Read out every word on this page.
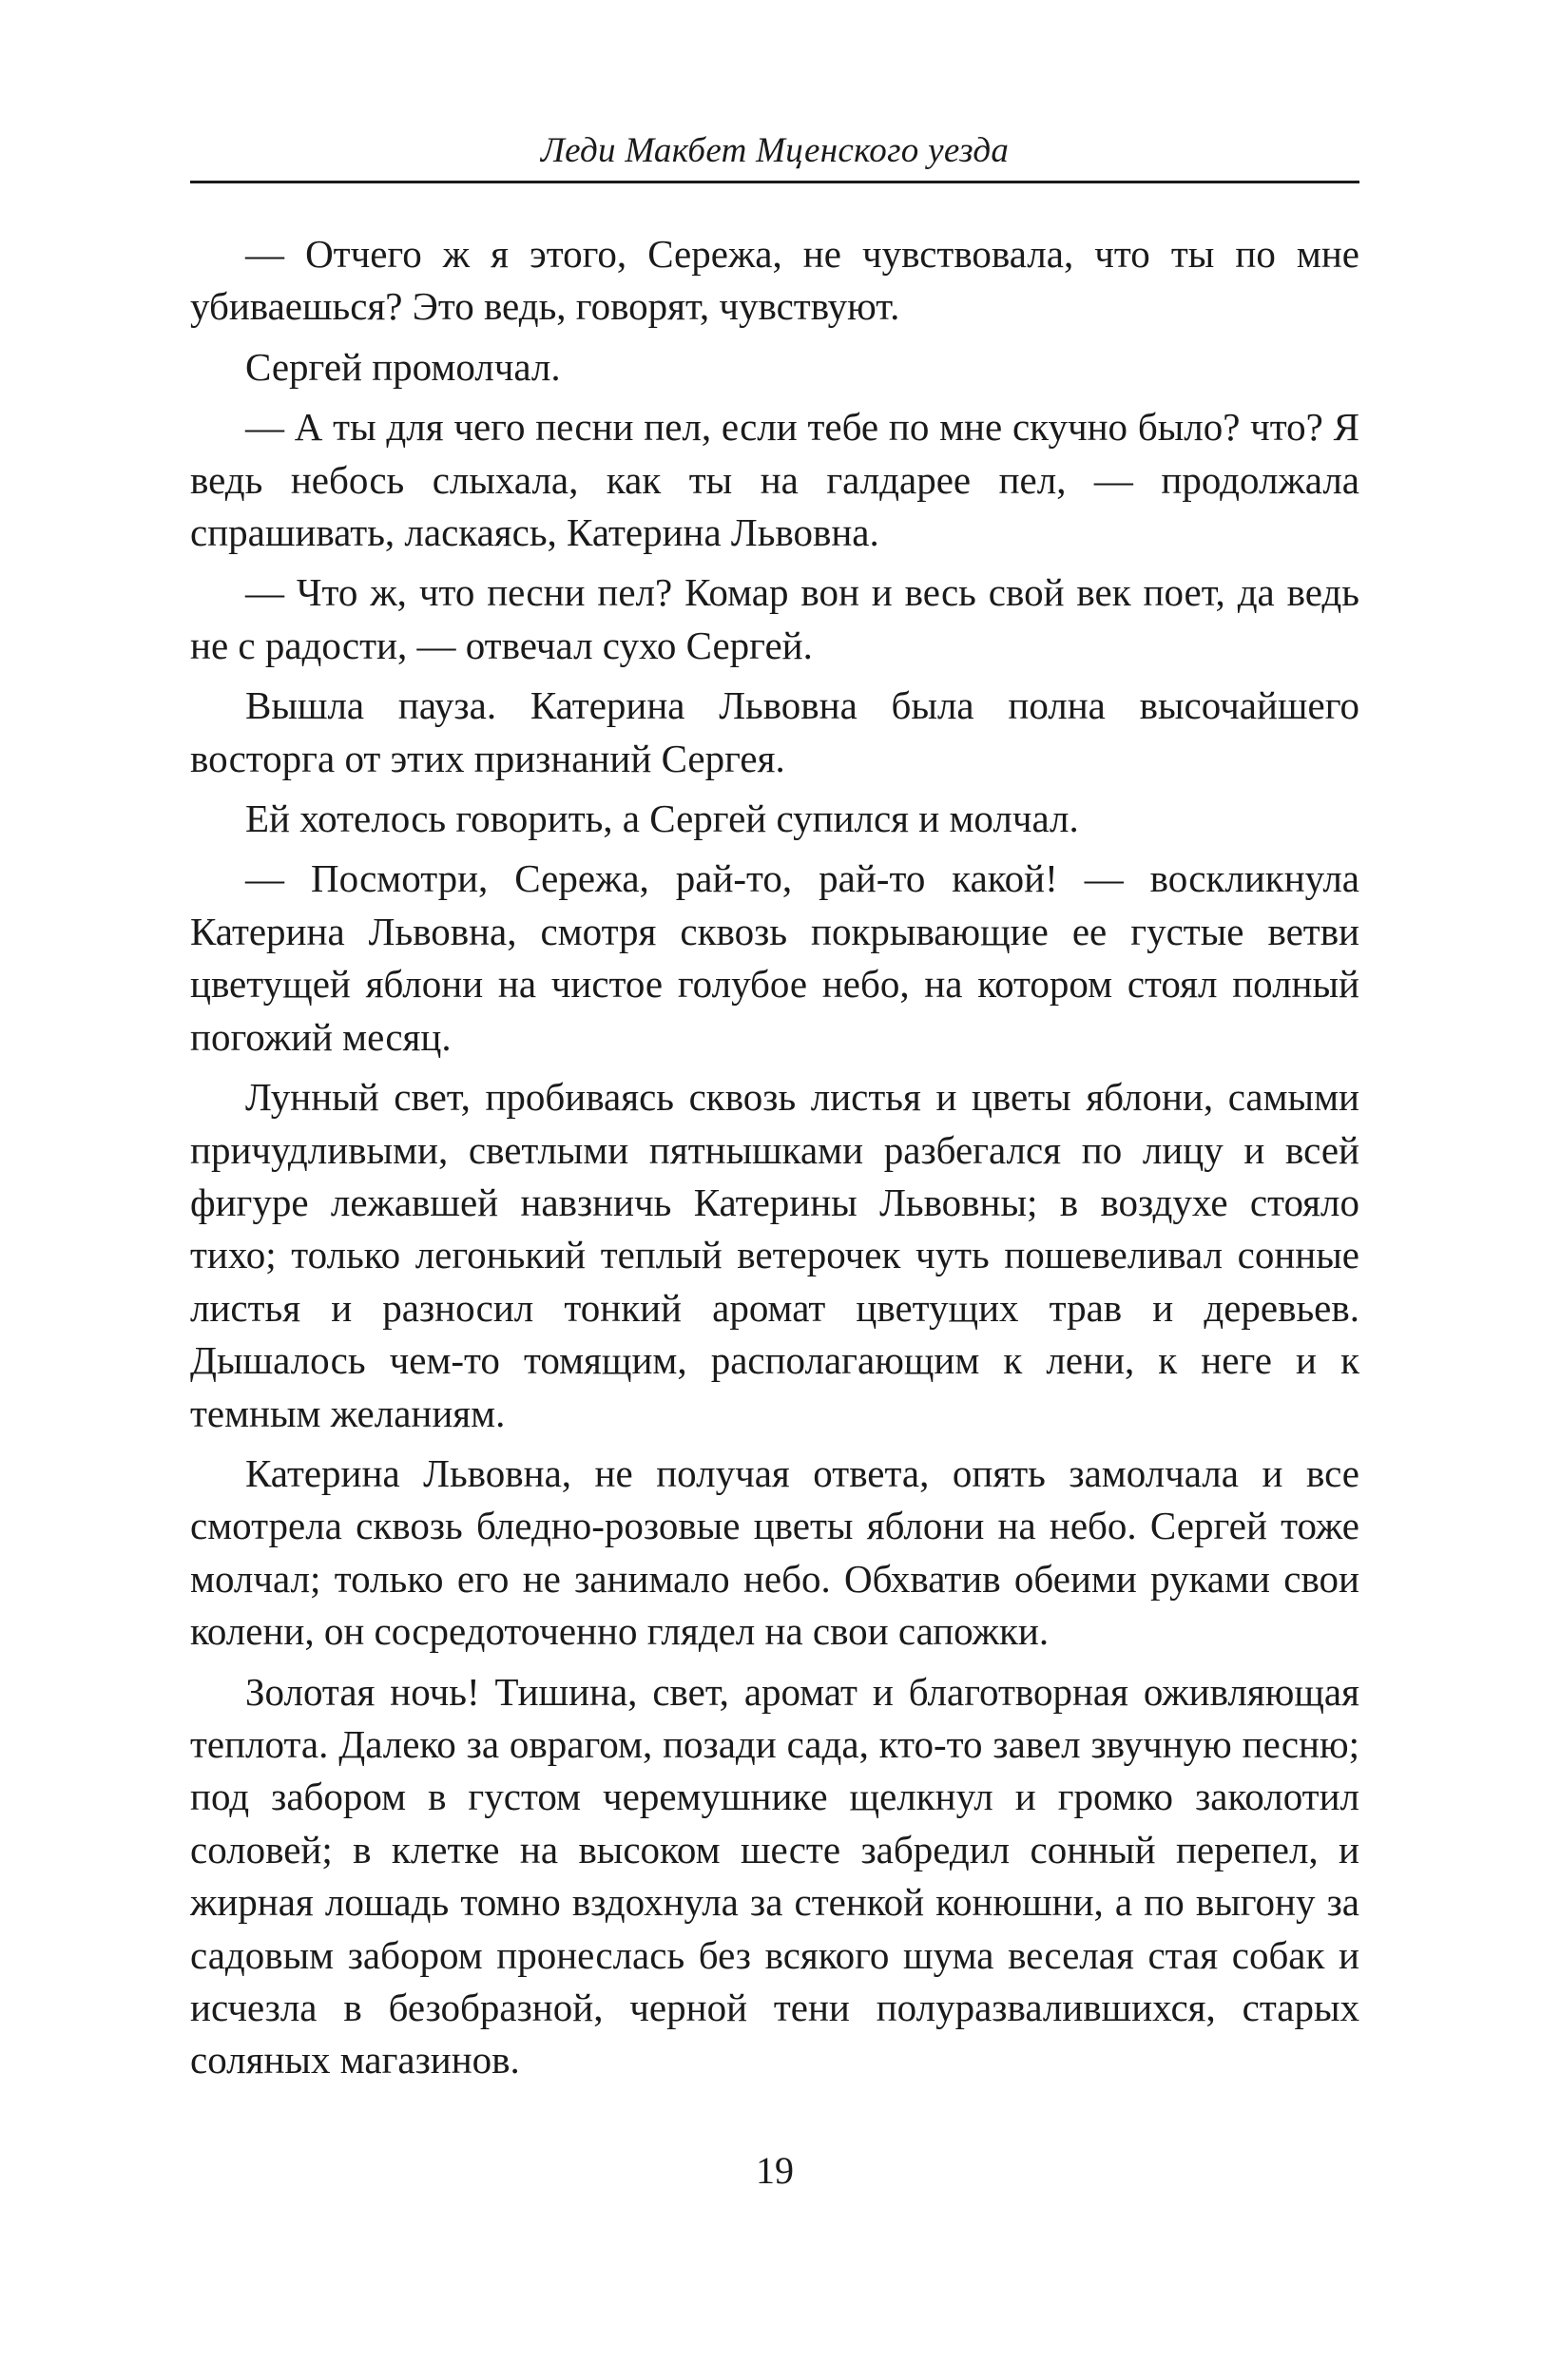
Леди Макбет Мценского уезда

— Отчего ж я этого, Сережа, не чувствовала, что ты по мне убиваешься? Это ведь, говорят, чувствуют.

Сергей промолчал.

— А ты для чего песни пел, если тебе по мне скучно было? что? Я ведь небось слыхала, как ты на галдарее пел, — продолжала спрашивать, ласкаясь, Катерина Львовна.

— Что ж, что песни пел? Комар вон и весь свой век поет, да ведь не с радости, — отвечал сухо Сергей.

Вышла пауза. Катерина Львовна была полна высочайшего восторга от этих признаний Сергея.

Ей хотелось говорить, а Сергей супился и молчал.

— Посмотри, Сережа, рай-то, рай-то какой! — воскликнула Катерина Львовна, смотря сквозь покрывающие ее густые ветви цветущей яблони на чистое голубое небо, на котором стоял полный погожий месяц.

Лунный свет, пробиваясь сквозь листья и цветы яблони, самыми причудливыми, светлыми пятнышками разбегался по лицу и всей фигуре лежавшей навзничь Катерины Львовны; в воздухе стояло тихо; только легонький теплый ветерочек чуть пошевеливал сонные листья и разносил тонкий аромат цветущих трав и деревьев. Дышалось чем-то томящим, располагающим к лени, к неге и к темным желаниям.

Катерина Львовна, не получая ответа, опять замолчала и все смотрела сквозь бледно-розовые цветы яблони на небо. Сергей тоже молчал; только его не занимало небо. Обхватив обеими руками свои колени, он сосредоточенно глядел на свои сапожки.

Золотая ночь! Тишина, свет, аромат и благотворная оживляющая теплота. Далеко за оврагом, позади сада, кто-то завел звучную песню; под забором в густом черемушнике щелкнул и громко заколотил соловей; в клетке на высоком шесте забредил сонный перепел, и жирная лошадь томно вздохнула за стенкой конюшни, а по выгону за садовым забором пронеслась без всякого шума веселая стая собак и исчезла в безобразной, черной тени полуразвалившихся, старых соляных магазинов.

19
